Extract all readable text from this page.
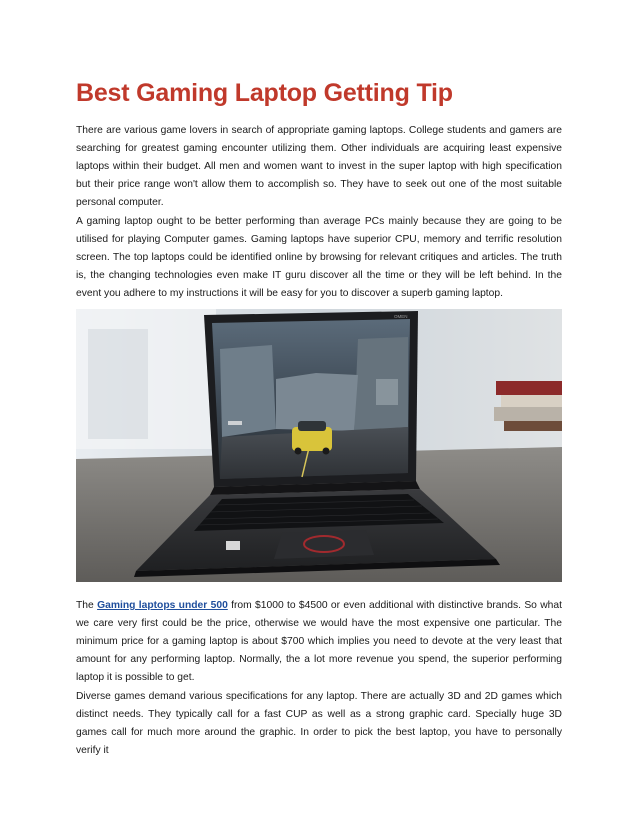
Best Gaming Laptop Getting Tip

There are various game lovers in search of appropriate gaming laptops. College students and gamers are searching for greatest gaming encounter utilizing them. Other individuals are acquiring least expensive laptops within their budget. All men and women want to invest in the super laptop with high specification but their price range won't allow them to accomplish so. They have to seek out one of the most suitable personal computer.

A gaming laptop ought to be better performing than average PCs mainly because they are going to be utilised for playing Computer games. Gaming laptops have superior CPU, memory and terrific resolution screen. The top laptops could be identified online by browsing for relevant critiques and articles. The truth is, the changing technologies even make IT guru discover all the time or they will be left behind. In the event you adhere to my instructions it will be easy for you to discover a superb gaming laptop.

OMEN

The Gaming laptops under 500 from $1000 to $4500 or even additional with distinctive brands. So what we care very first could be the price, otherwise we would have the most expensive one particular. The minimum price for a gaming laptop is about $700 which implies you need to devote at the very least that amount for any performing laptop. Normally, the a lot more revenue you spend, the superior performing laptop it is possible to get.

Diverse games demand various specifications for any laptop. There are actually 3D and 2D games which distinct needs. They typically call for a fast CUP as well as a strong graphic card. Specially huge 3D games call for much more around the graphic. In order to pick the best laptop, you have to personally verify it
